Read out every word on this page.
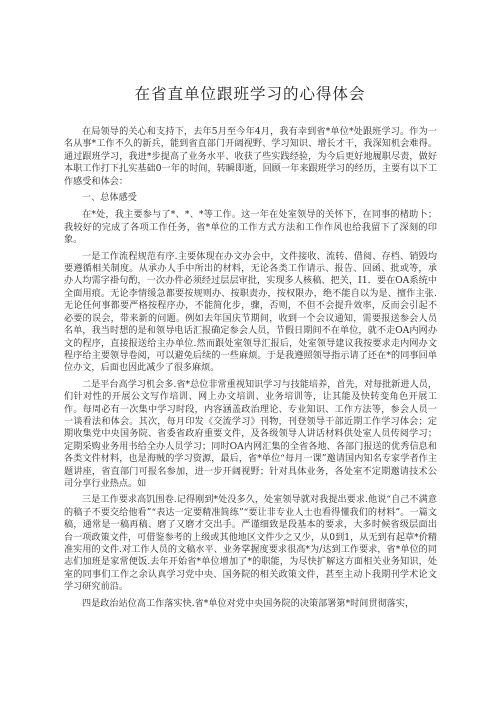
在省直单位跟班学习的心得体会

在局领导的关心和支持下，去年5月至今年4月，我有幸到省*单位*处跟班学习。作为一名从事*工作不久的新兵，能到省直部门开阔视野、学习知识、增长才干，我深知机会难得。通过跟班学习，我进*步提高了业务水平、收获了些实践经验，为今后更好地履职尽责，做好本职工作打下扎实基础0一年的时间，转瞬即逝，回顾一年来跟班学习的经历，主要有以下工作感受和体会：

一、总体感受

在*处，我主要参与了*、*、*等工作。这一年在处室领导的关怀下，在同事的楮助卜；我较好的完成了各项工作任务，省*单位的工作方式方法和工作作风也给我留下了深刻的印象。

一是工作流程规范有序.主要体现在办文办会中，文件接收、流转、借阅、存档、销毁均要遵循相关制度。从承办人手中所出的材料，无论各类工作请示、报告、回函、批或等，承办人均需字褂句酌，一次办件必须经过层层审批，实现多人核稿、把关，I1．要在OA系统中全面用痕。无论李情缓急都要按规则办、按职责办，按权限办，绝不能自以为是、擅作主张.无论任何事都要严格按程序办，不能简化步，骤，否则，不但不会提升效率，反而会引起不必要的误会，带来新的问题。例如去年国庆节期间，收到一个会议通知，需要报送参会人员名单，我当时想的是和领导电话汇报确定参会人员，节假日期间不在单位，就不走OA内网办文的程序，直接报送给主办单位.然而跟处室领导汇报后，处室领导建议我按要求走内网办文程序给主要领导卷阅，可以避免后续的一些麻烦。于是我遵照领导指示请了还在*的同事回单位办文，后面也因此减少了很多麻烦。

二是平台高学习机会多.省*总位非常重视知识学习与技能培养，首先，对每批新进人员，们针对性的开展公文写作培训、网上办文培训、业务培训等，让其能及快转变角色开展工作。每周必有一次集中学习时段，内容涵盖政治理论、专业知识、工作方法等，参会人员一一谈看法和体会。其次，每月印发《交流学习》刊物，刊登领导干部近期工作学习体会；定期收集党中央国务院、省委省政府重要文件，及各级领导人讲话材料供处室人员传阅学习；定期采购业务用书给全办人员学习；同时OA内网汇集的全省各地、各部门报送的优秀信息和各类文件材料，也是海贼的学习资源，最后，省*单位“每月一课”邀请国内知名专家学者作主题讲座，省直部门可报名参加，进一步开阔视野；针对具体业务，各处室不定期邀请技术公司分享行业热点。如

三是工作要求高饥围卷.记得刚到*处没多久，处室领导就对我提出要求.他说“自己不满意的稿子不要交给他看”“表达一定要精准简练”“要让非专业人士也看得懂我们的材料”。一篇文稿，通常是一稿再稿、磨了又磨才交出手。严谨细致是段基本的要求，大多时候省级层面出台一项政策文件，可借鉴参考的上级或其他地区文件少之又少，从0到1，从无到有起草*价精准实用的文件.对工作人员的文稿水平、业务掌握度要求很高*为/达到工作要求，省*单位的同志们加班是家常便饭.去年开始省*单位增加了*的职能，为尽快扩解这方面相关业务知识，处室的同事们工作之余认真学习党中央、国务院的相关政策文件，甚至主动卜我期刊学术论文学习研究前沿。

四是政治站位高工作落实快.省*单位对党中央国务院的决策部署第*时间贯彻落实，
